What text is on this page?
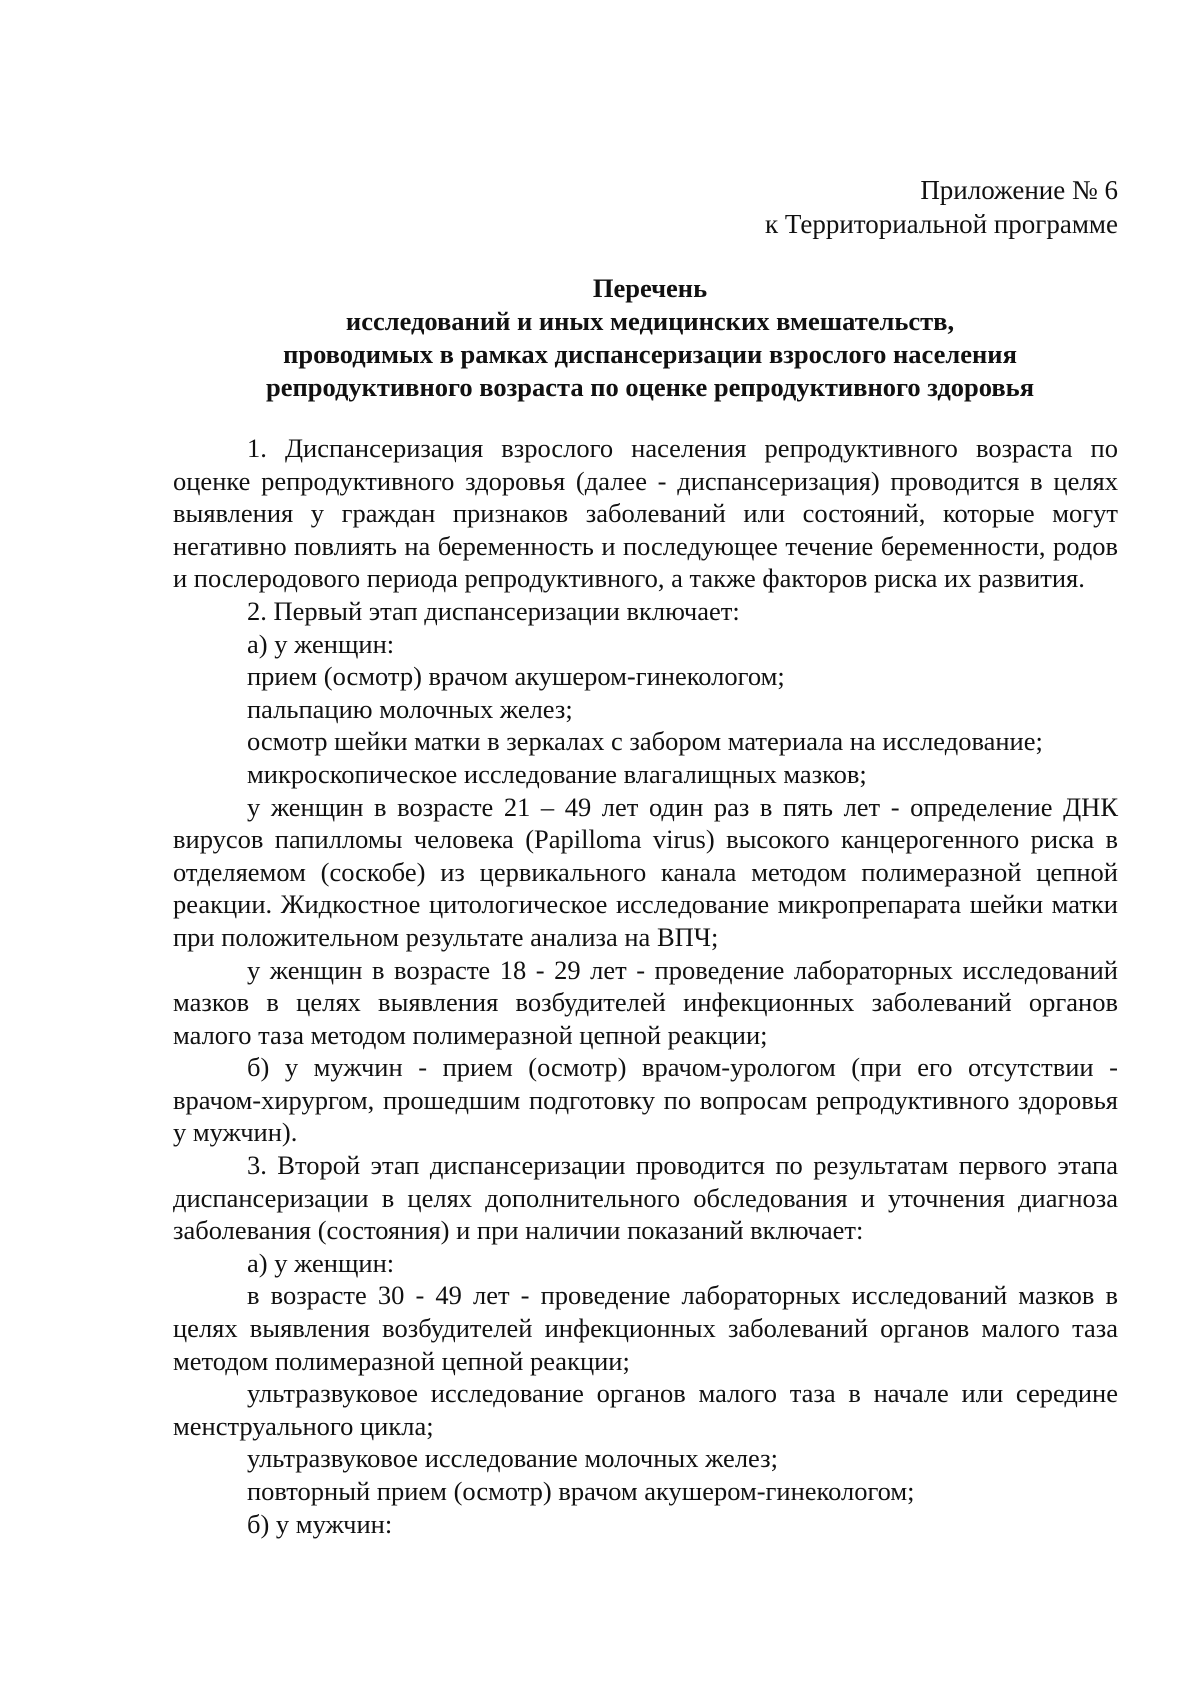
Приложение № 6
к Территориальной программе
Перечень
исследований и иных медицинских вмешательств,
проводимых в рамках диспансеризации взрослого населения
репродуктивного возраста по оценке репродуктивного здоровья

1. Диспансеризация взрослого населения репродуктивного возраста по оценке репродуктивного здоровья (далее - диспансеризация) проводится в целях выявления у граждан признаков заболеваний или состояний, которые могут негативно повлиять на беременность и последующее течение беременности, родов и послеродового периода репродуктивного, а также факторов риска их развития.

2. Первый этап диспансеризации включает:

а) у женщин:

прием (осмотр) врачом акушером-гинекологом;

пальпацию молочных желез;

осмотр шейки матки в зеркалах с забором материала на исследование;

микроскопическое исследование влагалищных мазков;

у женщин в возрасте 21 – 49 лет один раз в пять лет - определение ДНК вирусов папилломы человека (Papilloma virus) высокого канцерогенного риска в отделяемом (соскобе) из цервикального канала методом полимеразной цепной реакции. Жидкостное цитологическое исследование микропрепарата шейки матки при положительном результате анализа на ВПЧ;

у женщин в возрасте 18 - 29 лет - проведение лабораторных исследований мазков в целях выявления возбудителей инфекционных заболеваний органов малого таза методом полимеразной цепной реакции;

б) у мужчин - прием (осмотр) врачом-урологом (при его отсутствии - врачом-хирургом, прошедшим подготовку по вопросам репродуктивного здоровья у мужчин).

3. Второй этап диспансеризации проводится по результатам первого этапа диспансеризации в целях дополнительного обследования и уточнения диагноза заболевания (состояния) и при наличии показаний включает:

а) у женщин:

в возрасте 30 - 49 лет - проведение лабораторных исследований мазков в целях выявления возбудителей инфекционных заболеваний органов малого таза методом полимеразной цепной реакции;

ультразвуковое исследование органов малого таза в начале или середине менструального цикла;

ультразвуковое исследование молочных желез;

повторный прием (осмотр) врачом акушером-гинекологом;

б) у мужчин:
